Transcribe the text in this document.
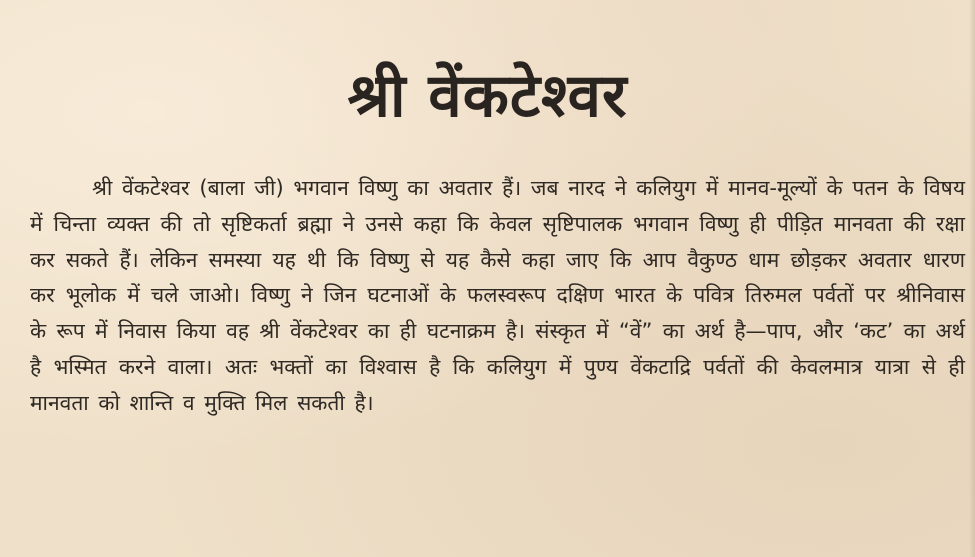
श्री वेंकटेश्वर

श्री वेंकटेश्वर (बाला जी) भगवान विष्णु का अवतार हैं। जब नारद ने कलियुग में मानव-मूल्यों के पतन के विषय में चिन्ता व्यक्त की तो सृष्टिकर्ता ब्रह्मा ने उनसे कहा कि केवल सृष्टिपालक भगवान विष्णु ही पीड़ित मानवता की रक्षा कर सकते हैं। लेकिन समस्या यह थी कि विष्णु से यह कैसे कहा जाए कि आप वैकुण्ठ धाम छोड़कर अवतार धारण कर भूलोक में चले जाओ। विष्णु ने जिन घटनाओं के फलस्वरूप दक्षिण भारत के पवित्र तिरुमल पर्वतों पर श्रीनिवास के रूप में निवास किया वह श्री वेंकटेश्वर का ही घटनाक्रम है। संस्कृत में “वें” का अर्थ है—पाप, और ‘कट’ का अर्थ है भस्मित करने वाला। अतः भक्तों का विश्वास है कि कलियुग में पुण्य वेंकटाद्रि पर्वतों की केवलमात्र यात्रा से ही मानवता को शान्ति व मुक्ति मिल सकती है।
